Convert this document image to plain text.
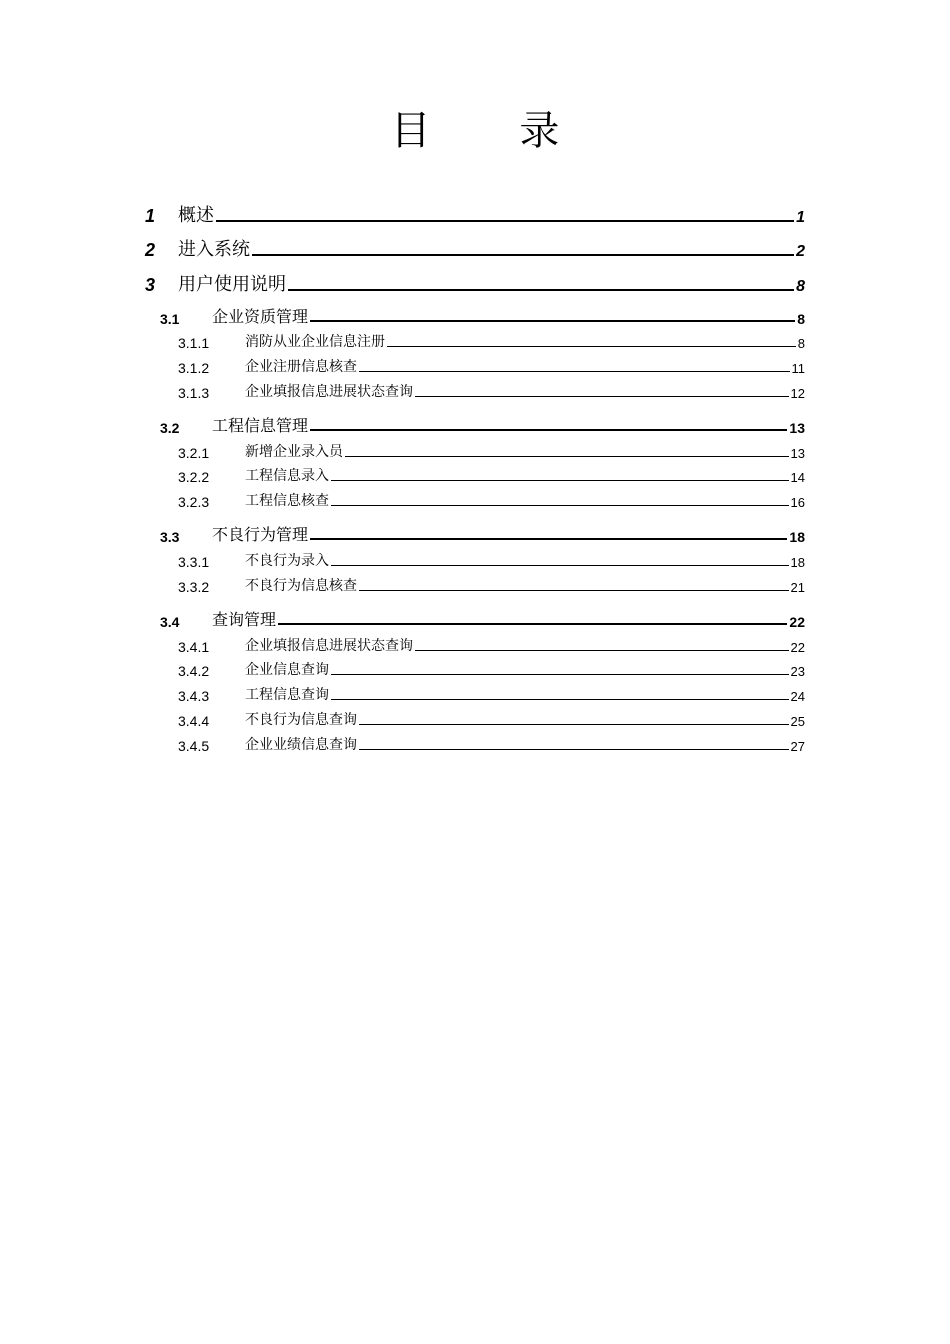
目 录
1	概述	1
2	进入系统	2
3	用户使用说明	8
3.1	企业资质管理	8
3.1.1	消防从业企业信息注册	8
3.1.2	企业注册信息核查	11
3.1.3	企业填报信息进展状态查询	12
3.2	工程信息管理	13
3.2.1	新增企业录入员	13
3.2.2	工程信息录入	14
3.2.3	工程信息核查	16
3.3	不良行为管理	18
3.3.1	不良行为录入	18
3.3.2	不良行为信息核查	21
3.4	查询管理	22
3.4.1	企业填报信息进展状态查询	22
3.4.2	企业信息查询	23
3.4.3	工程信息查询	24
3.4.4	不良行为信息查询	25
3.4.5	企业业绩信息查询	27
